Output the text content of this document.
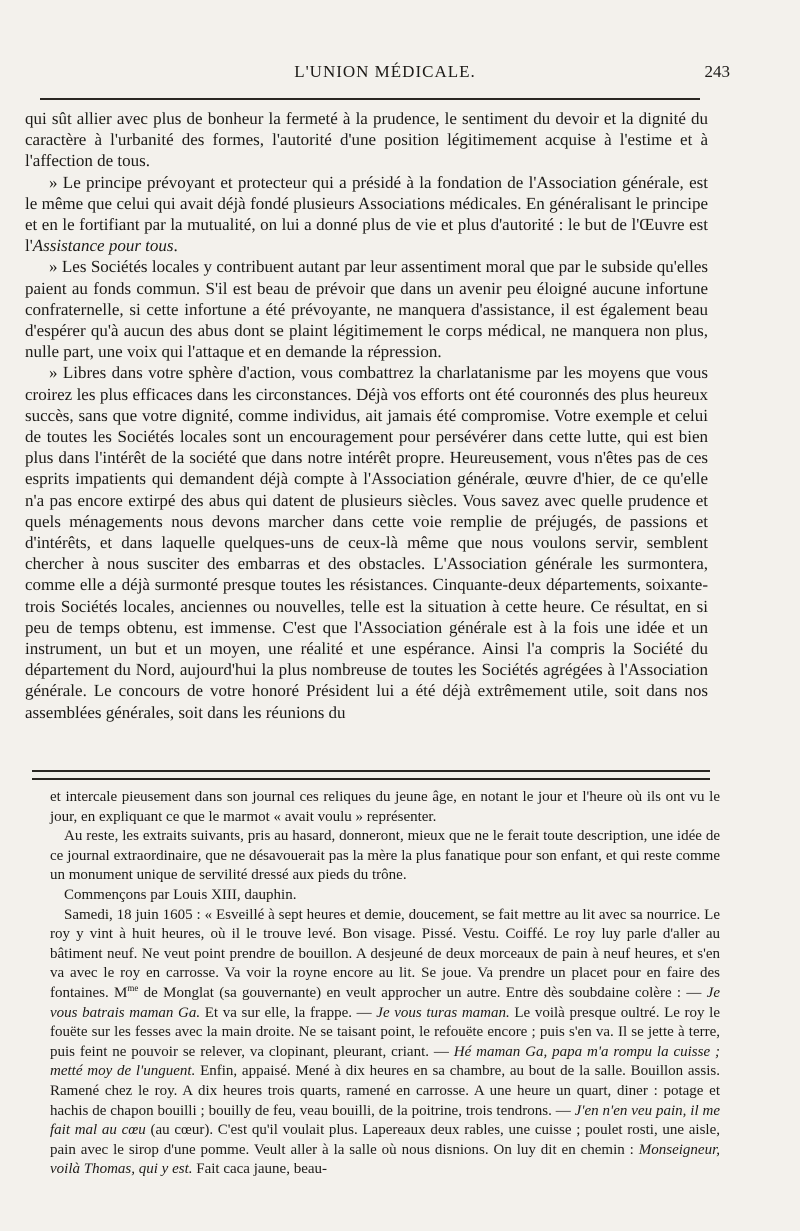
L'UNION MÉDICALE.	243

qui sût allier avec plus de bonheur la fermeté à la prudence, le sentiment du devoir et la dignité du caractère à l'urbanité des formes, l'autorité d'une position légitimement acquise à l'estime et à l'affection de tous.

» Le principe prévoyant et protecteur qui a présidé à la fondation de l'Association générale, est le même que celui qui avait déjà fondé plusieurs Associations médicales. En généralisant le principe et en le fortifiant par la mutualité, on lui a donné plus de vie et plus d'autorité : le but de l'Œuvre est l'Assistance pour tous.

» Les Sociétés locales y contribuent autant par leur assentiment moral que par le subside qu'elles paient au fonds commun. S'il est beau de prévoir que dans un avenir peu éloigné aucune infortune confraternelle, si cette infortune a été prévoyante, ne manquera d'assistance, il est également beau d'espérer qu'à aucun des abus dont se plaint légitimement le corps médical, ne manquera non plus, nulle part, une voix qui l'attaque et en demande la répression.

» Libres dans votre sphère d'action, vous combattrez la charlatanisme par les moyens que vous croirez les plus efficaces dans les circonstances. Déjà vos efforts ont été couronnés des plus heureux succès, sans que votre dignité, comme individus, ait jamais été compromise. Votre exemple et celui de toutes les Sociétés locales sont un encouragement pour persévérer dans cette lutte, qui est bien plus dans l'intérêt de la société que dans notre intérêt propre. Heureusement, vous n'êtes pas de ces esprits impatients qui demandent déjà compte à l'Association générale, œuvre d'hier, de ce qu'elle n'a pas encore extirpé des abus qui datent de plusieurs siècles. Vous savez avec quelle prudence et quels ménagements nous devons marcher dans cette voie remplie de préjugés, de passions et d'intérêts, et dans laquelle quelques-uns de ceux-là même que nous voulons servir, semblent chercher à nous susciter des embarras et des obstacles. L'Association générale les surmontera, comme elle a déjà surmonté presque toutes les résistances. Cinquante-deux départements, soixante-trois Sociétés locales, anciennes ou nouvelles, telle est la situation à cette heure. Ce résultat, en si peu de temps obtenu, est immense. C'est que l'Association générale est à la fois une idée et un instrument, un but et un moyen, une réalité et une espérance. Ainsi l'a compris la Société du département du Nord, aujourd'hui la plus nombreuse de toutes les Sociétés agrégées à l'Association générale. Le concours de votre honoré Président lui a été déjà extrêmement utile, soit dans nos assemblées générales, soit dans les réunions du

et intercale pieusement dans son journal ces reliques du jeune âge, en notant le jour et l'heure où ils ont vu le jour, en expliquant ce que le marmot « avait voulu » représenter.

Au reste, les extraits suivants, pris au hasard, donneront, mieux que ne le ferait toute description, une idée de ce journal extraordinaire, que ne désavouerait pas la mère la plus fanatique pour son enfant, et qui reste comme un monument unique de servilité dressé aux pieds du trône.

Commençons par Louis XIII, dauphin.

Samedi, 18 juin 1605 : « Esveillé à sept heures et demie, doucement, se fait mettre au lit avec sa nourrice. Le roy y vint à huit heures, où il le trouve levé. Bon visage. Pissé. Vestu. Coiffé. Le roy luy parle d'aller au bâtiment neuf. Ne veut point prendre de bouillon. A desjeuné de deux morceaux de pain à neuf heures, et s'en va avec le roy en carrosse. Va voir la royne encore au lit. Se joue. Va prendre un placet pour en faire des fontaines. $M^{me}$ de Monglat (sa gouvernante) en veult approcher un autre. Entre dès soubdaine colère : — Je vous batrais maman Ga. Et va sur elle, la frappe. — Je vous turas maman. Le voilà presque oultré. Le roy le fouëte sur les fesses avec la main droite. Ne se taisant point, le refouëte encore ; puis s'en va. Il se jette à terre, puis feint ne pouvoir se relever, va clopinant, pleurant, criant. — Hé maman Ga, papa m'a rompu la cuisse ; metté moy de l'unguent. Enfin, appaisé. Mené à dix heures en sa chambre, au bout de la salle. Bouillon assis. Ramené chez le roy. A dix heures trois quarts, ramené en carrosse. A une heure un quart, diner : potage et hachis de chapon bouilli ; bouilly de feu, veau bouilli, de la poitrine, trois tendrons. — J'en n'en veu pain, il me fait mal au cœu (au cœur). C'est qu'il voulait plus. Lapereaux deux rables, une cuisse ; poulet rosti, une aisle, pain avec le sirop d'une pomme. Veult aller à la salle où nous disnions. On luy dit en chemin : Monseigneur, voilà Thomas, qui y est. Fait caca jaune, beau-
